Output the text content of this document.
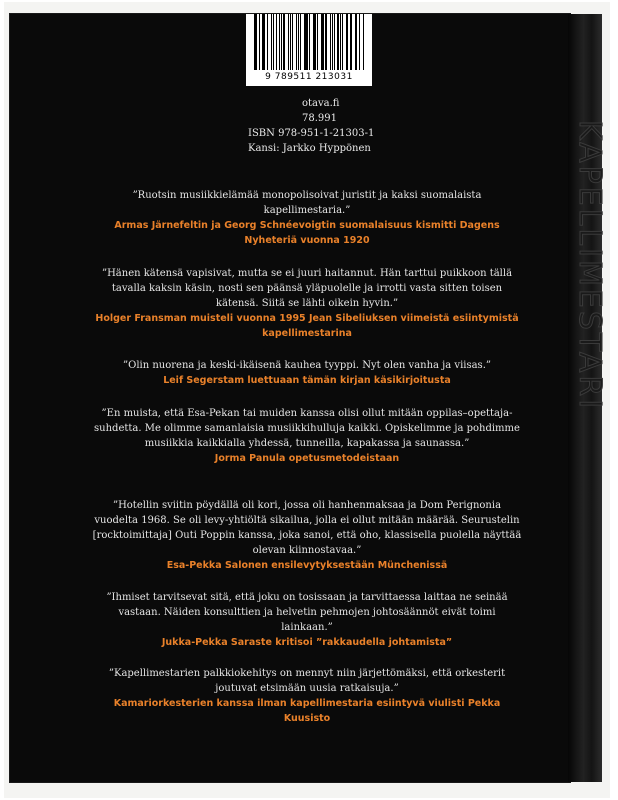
KAPELLIMESTARI
9 789511 213031
otava.fi
78.991
ISBN 978-951-1-21303-1
Kansi: Jarkko Hyppönen

”Ruotsin musiikkielämää monopolisoivat juristit ja kaksi suomalaista kapellimestaria.”

Armas Järnefeltin ja Georg Schnéevoigtin suomalaisuus kismitti Dagens Nyheteriä vuonna 1920

”Hänen kätensä vapisivat, mutta se ei juuri haitannut. Hän tarttui puikkoon tällä tavalla kaksin käsin, nosti sen päänsä yläpuolelle ja irrotti vasta sitten toisen kätensä. Siitä se lähti oikein hyvin.”

Holger Fransman muisteli vuonna 1995 Jean Sibeliuksen viimeistä esiintymistä kapellimestarina

”Olin nuorena ja keski-ikäisenä kauhea tyyppi. Nyt olen vanha ja viisas.”

Leif Segerstam luettuaan tämän kirjan käsikirjoitusta

”En muista, että Esa-Pekan tai muiden kanssa olisi ollut mitään oppilas–opettaja-suhdetta. Me olimme samanlaisia musiikkihulluja kaikki. Opiskelimme ja pohdimme musiikkia kaikkialla yhdessä, tunneilla, kapakassa ja saunassa.”

Jorma Panula opetusmetodeistaan

”Hotellin sviitin pöydällä oli kori, jossa oli hanhenmaksaa ja Dom Perignonia vuodelta 1968. Se oli levy-yhtiöltä sikailua, jolla ei ollut mitään määrää. Seurustelin [rocktoimittaja] Outi Poppin kanssa, joka sanoi, että oho, klassisella puolella näyttää olevan kiinnostavaa.”

Esa-Pekka Salonen ensilevytyksestään Münchenissä

”Ihmiset tarvitsevat sitä, että joku on tosissaan ja tarvittaessa laittaa ne seinää vastaan. Näiden konsulttien ja helvetin pehmojen johtosäännöt eivät toimi lainkaan.”

Jukka-Pekka Saraste kritisoi ”rakkaudella johtamista”

”Kapellimestarien palkkiokehitys on mennyt niin järjettömäksi, että orkesterit joutuvat etsimään uusia ratkaisuja.”

Kamariorkesterien kanssa ilman kapellimestaria esiintyvä viulisti Pekka Kuusisto
